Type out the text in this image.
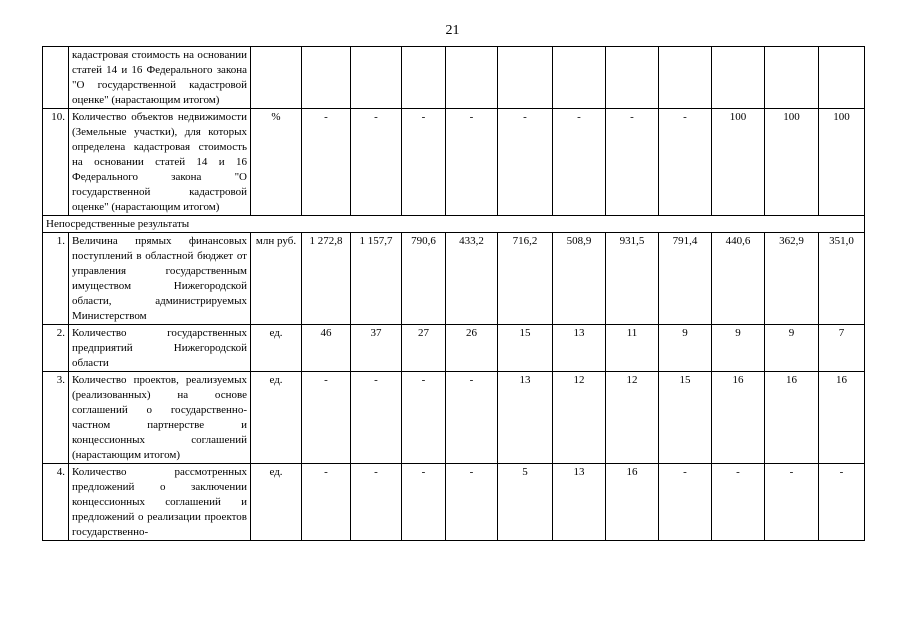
21
	кадастровая стоимость на основании статей 14 и 16 Федерального закона "О государственной кадастровой оценке" (нарастающим итогом)												
10.	Количество объектов недвижимости (Земельные участки), для которых определена кадастровая стоимость на основании статей 14 и 16 Федерального закона "О государственной кадастровой оценке" (нарастающим итогом)	%	-	-	-	-	-	-	-	-	100	100	100
Непосредственные результаты													
1.	Величина прямых финансовых поступлений в областной бюджет от управления государственным имуществом Нижегородской области, администрируемых Министерством	млн руб.	1 272,8	1 157,7	790,6	433,2	716,2	508,9	931,5	791,4	440,6	362,9	351,0
2.	Количество государственных предприятий Нижегородской области	ед.	46	37	27	26	15	13	11	9	9	9	7
3.	Количество проектов, реализуемых (реализованных) на основе соглашений о государственно-частном партнерстве и концессионных соглашений (нарастающим итогом)	ед.	-	-	-	-	13	12	12	15	16	16	16
4.	Количество рассмотренных предложений о заключении концессионных соглашений и предложений о реализации проектов государственно-	ед.	-	-	-	-	5	13	16	-	-	-	-
